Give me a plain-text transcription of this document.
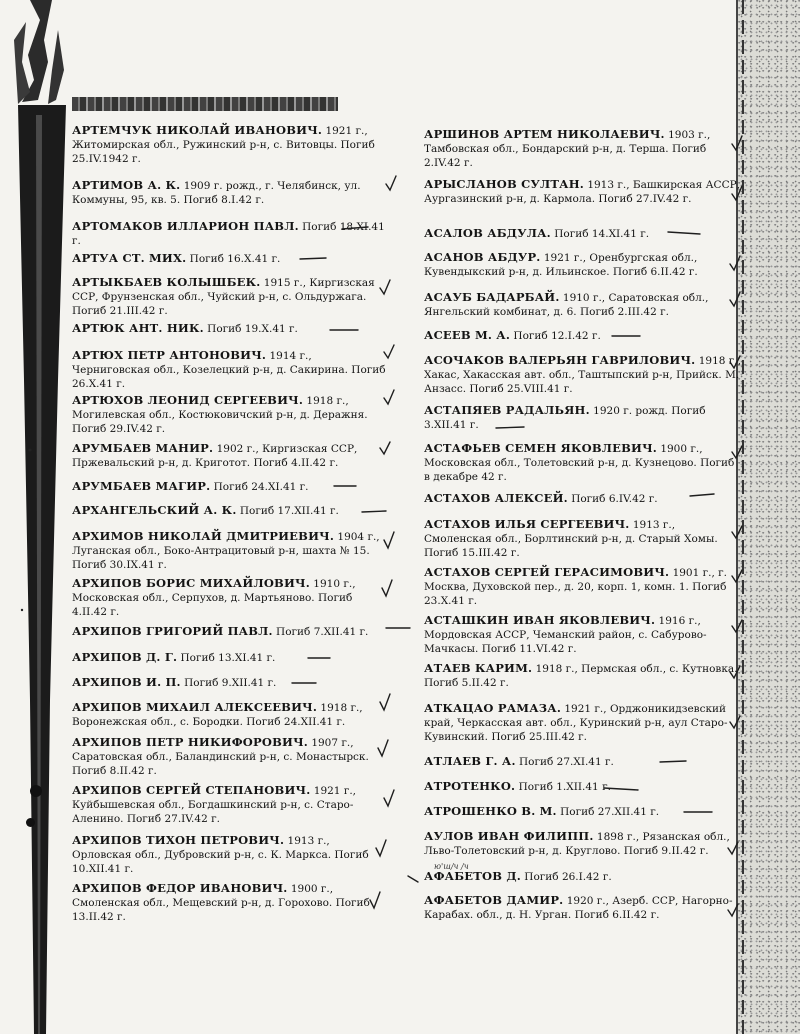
АРТЕМЧУК НИКОЛАЙ ИВАНОВИЧ. 1921 г., Житомирская обл., Ружинский р-н, с. Витовцы. Погиб 25.IV.1942 г.
АРТИМОВ А. К. 1909 г. рожд., г. Челябинск, ул. Коммуны, 95, кв. 5. Погиб 8.I.42 г.
АРТОМАКОВ ИЛЛАРИОН ПАВЛ. Погиб 18.XI.41 г.
АРТУА СТ. МИХ. Погиб 16.X.41 г.
АРТЫКБАЕВ КОЛЫШБЕК. 1915 г., Киргизская ССР, Фрунзенская обл., Чуйский р-н, с. Ольдуржага. Погиб 21.III.42 г.
АРТЮК АНТ. НИК. Погиб 19.X.41 г.
АРТЮХ ПЕТР АНТОНОВИЧ. 1914 г., Черниговская обл., Козелецкий р-н, д. Сакирина. Погиб 26.X.41 г.
АРТЮХОВ ЛЕОНИД СЕРГЕЕВИЧ. 1918 г., Могилевская обл., Костюковичский р-н, д. Деражня. Погиб 29.IV.42 г.
АРУМБАЕВ МАНИР. 1902 г., Киргизская ССР, Пржевальский р-н, д. Криготот. Погиб 4.II.42 г.
АРУМБАЕВ МАГИР. Погиб 24.XI.41 г.
АРХАНГЕЛЬСКИЙ А. К. Погиб 17.XII.41 г.
АРХИМОВ НИКОЛАЙ ДМИТРИЕВИЧ. 1904 г., Луганская обл., Боко-Антрацитовый р-н, шахта № 15. Погиб 30.IX.41 г.
АРХИПОВ БОРИС МИХАЙЛОВИЧ. 1910 г., Московская обл., Серпухов, д. Мартьяново. Погиб 4.II.42 г.
АРХИПОВ ГРИГОРИЙ ПАВЛ. Погиб 7.XII.41 г.
АРХИПОВ Д. Г. Погиб 13.XI.41 г.
АРХИПОВ И. П. Погиб 9.XII.41 г.
АРХИПОВ МИХАИЛ АЛЕКСЕЕВИЧ. 1918 г., Воронежская обл., с. Бородки. Погиб 24.XII.41 г.
АРХИПОВ ПЕТР НИКИФОРОВИЧ. 1907 г., Саратовская обл., Баландинский р-н, с. Монастырск. Погиб 8.II.42 г.
АРХИПОВ СЕРГЕЙ СТЕПАНОВИЧ. 1921 г., Куйбышевская обл., Богдашкинский р-н, с. Старо-Аленино. Погиб 27.IV.42 г.
АРХИПОВ ТИХОН ПЕТРОВИЧ. 1913 г., Орловская обл., Дубровский р-н, с. К. Маркса. Погиб 10.XII.41 г.
АРХИПОВ ФЕДОР ИВАНОВИЧ. 1900 г., Смоленская обл., Мещевский р-н, д. Горохово. Погиб 13.II.42 г.
АРШИНОВ АРТЕМ НИКОЛАЕВИЧ. 1903 г., Тамбовская обл., Бондарский р-н, д. Терша. Погиб 2.IV.42 г.
АРЫСЛАНОВ СУЛТАН. 1913 г., Башкирская АССР, Аургазинский р-н, д. Кармола. Погиб 27.IV.42 г.
АСАЛОВ АБДУЛА. Погиб 14.XI.41 г.
АСАНОВ АБДУР. 1921 г., Оренбургская обл., Кувендыкский р-н, д. Ильинское. Погиб 6.II.42 г.
АСАУБ БАДАРБАЙ. 1910 г., Саратовская обл., Янгельский комбинат, д. 6. Погиб 2.III.42 г.
АСЕЕВ М. А. Погиб 12.I.42 г.
АСОЧАКОВ ВАЛЕРЬЯН ГАВРИЛОВИЧ. 1918 г., Хакас, Хакасская авт. обл., Таштыпский р-н, Прийск. М. Анзасс. Погиб 25.VIII.41 г.
АСТАПЯЕВ РАДАЛЬЯН. 1920 г. рожд. Погиб 3.XII.41 г.
АСТАФЬЕВ СЕМЕН ЯКОВЛЕВИЧ. 1900 г., Московская обл., Толетовский р-н, д. Кузнецово. Погиб в декабре 42 г.
АСТАХОВ АЛЕКСЕЙ. Погиб 6.IV.42 г.
АСТАХОВ ИЛЬЯ СЕРГЕЕВИЧ. 1913 г., Смоленская обл., Борлтинский р-н, д. Старый Хомы. Погиб 15.III.42 г.
АСТАХОВ СЕРГЕЙ ГЕРАСИМОВИЧ. 1901 г., г. Москва, Духовской пер., д. 20, корп. 1, комн. 1. Погиб 23.X.41 г.
АСТАШКИН ИВАН ЯКОВЛЕВИЧ. 1916 г., Мордовская АССР, Чеманский район, с. Сабурово-Мачкасы. Погиб 11.VI.42 г.
АТАЕВ КАРИМ. 1918 г., Пермская обл., с. Кутновка. Погиб 5.II.42 г.
АТКАЦАО РАМАЗА. 1921 г., Орджоникидзевский край, Черкасская авт. обл., Куринский р-н, аул Старо-Кувинский. Погиб 25.III.42 г.
АТЛАЕВ Г. А. Погиб 27.XI.41 г.
АТРОТЕНКО. Погиб 1.XII.41 г.
АТРОШЕНКО В. М. Погиб 27.XII.41 г.
АУЛОВ ИВАН ФИЛИПП. 1898 г., Рязанская обл., Льво-Толетовский р-н, д. Круглово. Погиб 9.II.42 г.
АФАБЕТОВ Д. Погиб 26.I.42 г.
АФАБЕТОВ ДАМИР. 1920 г., Азерб. ССР, Нагорно-Карабах. обл., д. Н. Урган. Погиб 6.II.42 г.
ю'ш/ч /ч
